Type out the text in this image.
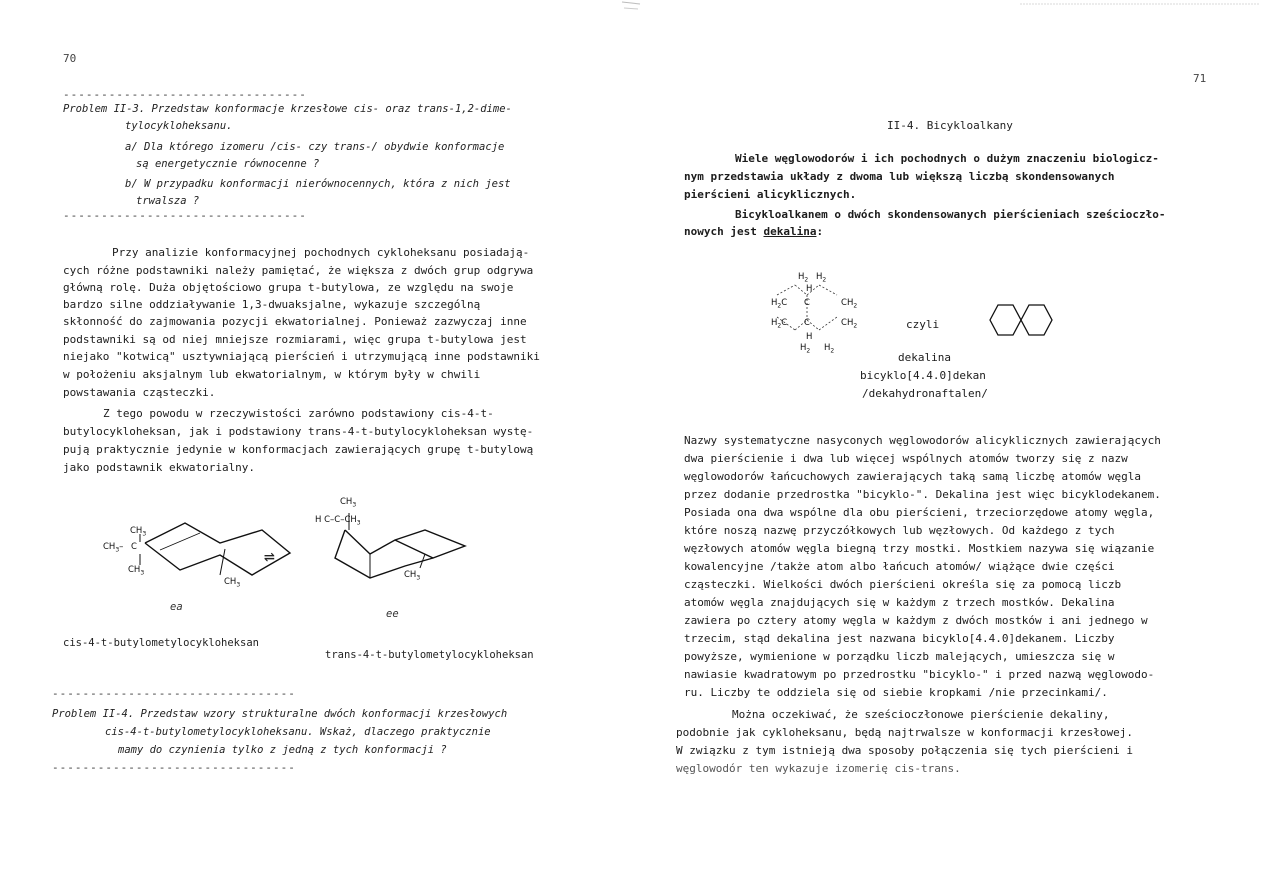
70
--------------------------------
Problem II-3. Przedstaw konformacje krzesłowe cis- oraz trans-1,2-dime-
tylocykloheksanu.
a/ Dla którego izomeru /cis- czy trans-/ obydwie konformacje
są energetycznie równocenne ?
b/ W przypadku konformacji nierównocennych, która z nich jest
trwalsza ?
--------------------------------
Przy analizie konformacyjnej pochodnych cykloheksanu posiadają-
cych różne podstawniki należy pamiętać, że większa z dwóch grup odgrywa
główną rolę. Duża objętościowo grupa t-butylowa, ze względu na swoje
bardzo silne oddziaływanie 1,3-dwuaksjalne, wykazuje szczególną
skłonność do zajmowania pozycji ekwatorialnej. Ponieważ zazwyczaj inne
podstawniki są od niej mniejsze rozmiarami, więc grupa t-butylowa jest
niejako "kotwicą" usztywniającą pierścień i utrzymującą inne podstawniki
w położeniu aksjalnym lub ekwatorialnym, w którym były w chwili
powstawania cząsteczki.
Z tego powodu w rzeczywistości zarówno podstawiony cis-4-t-
butylocykloheksan, jak i podstawiony trans-4-t-butylocykloheksan wystę-
pują praktycznie jedynie w konformacjach zawierających grupę t-butylową
jako podstawnik ekwatorialny.
$CH_3$
$CH_3-$ C
$CH_3$
$CH_3$
⇌
$CH_3$
H $C-C-CH_3$
$CH_3$
ea
ee
cis-4-t-butylometylocykloheksan
trans-4-t-butylometylocykloheksan
--------------------------------
Problem II-4. Przedstaw wzory strukturalne dwóch konformacji krzesłowych
cis-4-t-butylometylocykloheksanu. Wskaż, dlaczego praktycznie
mamy do czynienia tylko z jedną z tych konformacji ?
--------------------------------
71
II-4. Bicykloalkany
Wiele węglowodorów i ich pochodnych o dużym znaczeniu biologicz-
nym przedstawia układy z dwoma lub większą liczbą skondensowanych
pierścieni alicyklicznych.
Bicykloalkanem o dwóch skondensowanych pierścieniach sześcioczło-
nowych jest dekalina:
$H_2$ $H_2$
$H_2C$
$H_2C$
$CH_2$
$CH_2$
C
C
H
H
$H_2$ $H_2$
czyli
dekalina
bicyklo[4.4.0]dekan
/dekahydronaftalen/
Nazwy systematyczne nasyconych węglowodorów alicyklicznych zawierających
dwa pierścienie i dwa lub więcej wspólnych atomów tworzy się z nazw
węglowodorów łańcuchowych zawierających taką samą liczbę atomów węgla
przez dodanie przedrostka "bicyklo-". Dekalina jest więc bicyklodekanem.
Posiada ona dwa wspólne dla obu pierścieni, trzeciorzędowe atomy węgla,
które noszą nazwę przyczółkowych lub węzłowych. Od każdego z tych
węzłowych atomów węgla biegną trzy mostki. Mostkiem nazywa się wiązanie
kowalencyjne /także atom albo łańcuch atomów/ wiążące dwie części
cząsteczki. Wielkości dwóch pierścieni określa się za pomocą liczb
atomów węgla znajdujących się w każdym z trzech mostków. Dekalina
zawiera po cztery atomy węgla w każdym z dwóch mostków i ani jednego w
trzecim, stąd dekalina jest nazwana bicyklo[4.4.0]dekanem. Liczby
powyższe, wymienione w porządku liczb malejących, umieszcza się w
nawiasie kwadratowym po przedrostku "bicyklo-" i przed nazwą węglowodo-
ru. Liczby te oddziela się od siebie kropkami /nie przecinkami/.
Można oczekiwać, że sześcioczłonowe pierścienie dekaliny,
podobnie jak cykloheksanu, będą najtrwalsze w konformacji krzesłowej.
W związku z tym istnieją dwa sposoby połączenia się tych pierścieni i
węglowodór ten wykazuje izomerię cis-trans.
